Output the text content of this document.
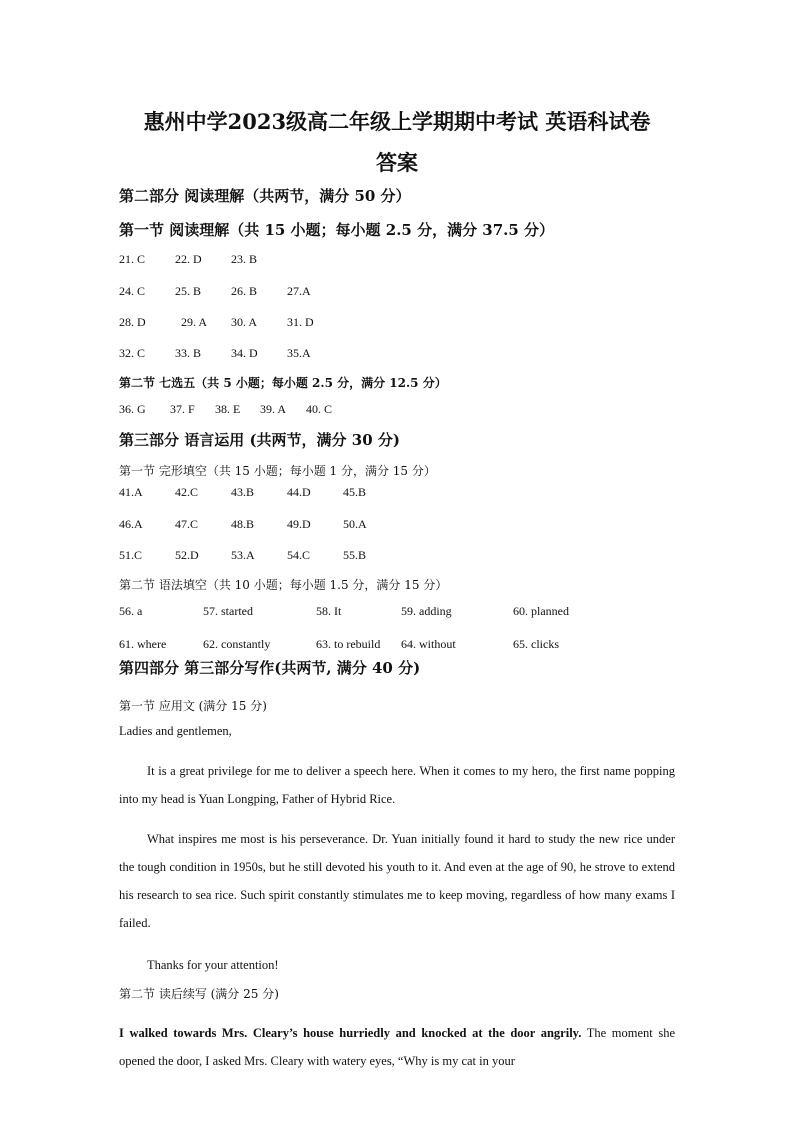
惠州中学2023级高二年级上学期期中考试 英语科试卷
答案
第二部分 阅读理解（共两节，满分 50 分）
第一节 阅读理解（共 15 小题；每小题 2.5 分，满分 37.5 分）
21. C 22. D 23. B
24. C 25. B 26. B 27.A
28. D	29. A 30. A 31. D
32. C 33. B 34. D 35.A
第二节 七选五（共 5 小题；每小题 2.5 分，满分 12.5 分）
36. G 37. F 38. E 39. A 40. C
第三部分 语言运用 (共两节，满分 30 分)
第一节 完形填空（共 15 小题；每小题 1 分，满分 15 分）
41.A	42.C	43.B	44.D	45.B
46.A	47.C	48.B	49.D	50.A
51.C	52.D	53.A	54.C	55.B
第二节 语法填空（共 10 小题；每小题 1.5 分，满分 15 分）
56. a	57. started	58. It	59. adding	60. planned
61. where	62. constantly	63. to rebuild 64. without	65. clicks
第四部分 第三部分写作(共两节, 满分 40 分)
第一节 应用文 (满分 15 分)
Ladies and gentlemen,
It is a great privilege for me to deliver a speech here. When it comes to my hero, the first name popping into my head is Yuan Longping, Father of Hybrid Rice.
What inspires me most is his perseverance. Dr. Yuan initially found it hard to study the new rice under the tough condition in 1950s, but he still devoted his youth to it. And even at the age of 90, he strove to extend his research to sea rice. Such spirit constantly stimulates me to keep moving, regardless of how many exams I failed.
Thanks for your attention!
第二节 读后续写 (满分 25 分)
I walked towards Mrs. Cleary’s house hurriedly and knocked at the door angrily. The moment she opened the door, I asked Mrs. Cleary with watery eyes, “Why is my cat in your
